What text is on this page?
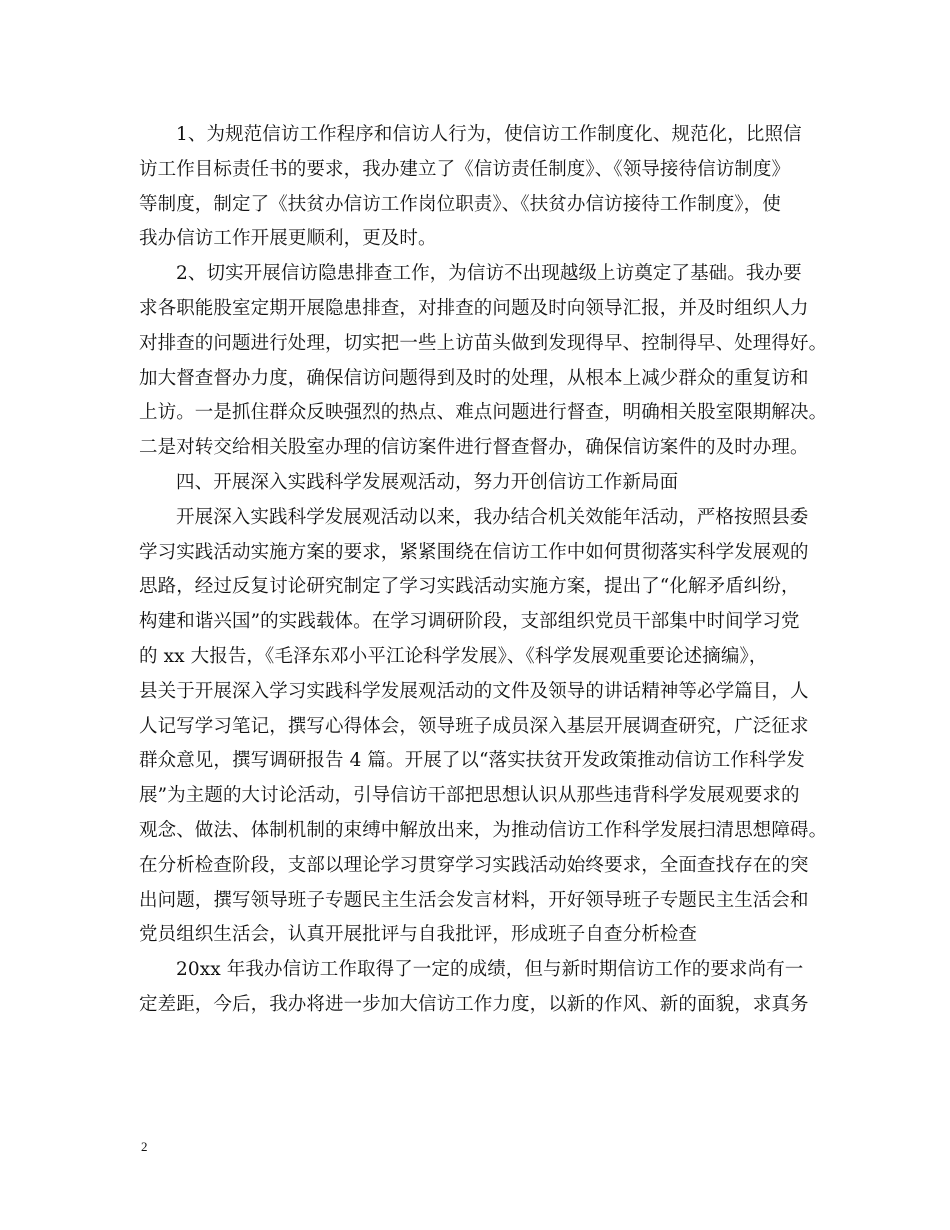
1、为规范信访工作程序和信访人行为，使信访工作制度化、规范化，比照信
访工作目标责任书的要求，我办建立了《信访责任制度》、《领导接待信访制度》
等制度，制定了《扶贫办信访工作岗位职责》、《扶贫办信访接待工作制度》，使
我办信访工作开展更顺利，更及时。
2、切实开展信访隐患排查工作，为信访不出现越级上访奠定了基础。我办要
求各职能股室定期开展隐患排查，对排查的问题及时向领导汇报，并及时组织人力
对排查的问题进行处理，切实把一些上访苗头做到发现得早、控制得早、处理得好。
加大督查督办力度，确保信访问题得到及时的处理，从根本上减少群众的重复访和
上访。一是抓住群众反映强烈的热点、难点问题进行督查，明确相关股室限期解决。
二是对转交给相关股室办理的信访案件进行督查督办，确保信访案件的及时办理。
四、开展深入实践科学发展观活动，努力开创信访工作新局面
开展深入实践科学发展观活动以来，我办结合机关效能年活动，严格按照县委
学习实践活动实施方案的要求，紧紧围绕在信访工作中如何贯彻落实科学发展观的
思路，经过反复讨论研究制定了学习实践活动实施方案，提出了“化解矛盾纠纷，
构建和谐兴国”的实践载体。在学习调研阶段，支部组织党员干部集中时间学习党
的 xx 大报告，《毛泽东邓小平江论科学发展》、《科学发展观重要论述摘编》，
县关于开展深入学习实践科学发展观活动的文件及领导的讲话精神等必学篇目，人
人记写学习笔记，撰写心得体会，领导班子成员深入基层开展调查研究，广泛征求
群众意见，撰写调研报告 4 篇。开展了以“落实扶贫开发政策推动信访工作科学发
展”为主题的大讨论活动，引导信访干部把思想认识从那些违背科学发展观要求的
观念、做法、体制机制的束缚中解放出来，为推动信访工作科学发展扫清思想障碍。
在分析检查阶段，支部以理论学习贯穿学习实践活动始终要求，全面查找存在的突
出问题，撰写领导班子专题民主生活会发言材料，开好领导班子专题民主生活会和
党员组织生活会，认真开展批评与自我批评，形成班子自查分析检查
20xx 年我办信访工作取得了一定的成绩，但与新时期信访工作的要求尚有一
定差距，今后，我办将进一步加大信访工作力度，以新的作风、新的面貌，求真务
2
